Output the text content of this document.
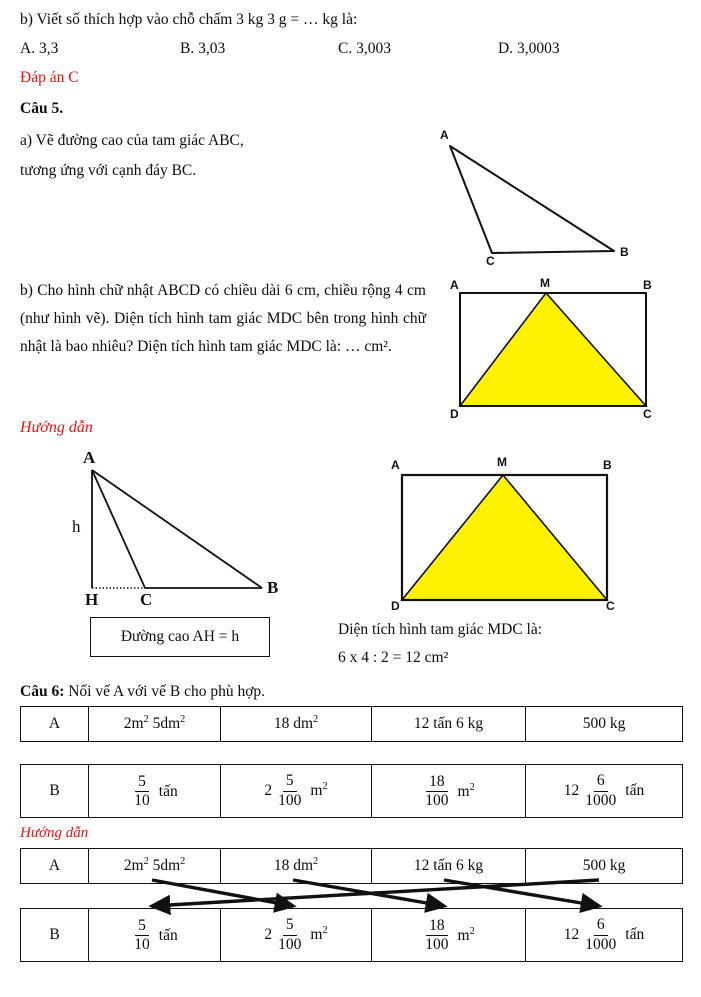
b) Viết số thích hợp vào chỗ chấm 3 kg 3 g = … kg là:
A. 3,3	B. 3,03	C. 3,003	D. 3,0003
Đáp án C
Câu 5.
a) Vẽ đường cao của tam giác ABC,
tương ứng với cạnh đáy BC.
A
C
B
b) Cho hình chữ nhật ABCD có chiều dài 6 cm, chiều rộng 4 cm (như hình vẽ). Diện tích hình tam giác MDC bên trong hình chữ nhật là bao nhiêu? Diện tích hình tam giác MDC là: … cm².
A	M	B
D	C
Hướng dẫn
A
h
H C
B
Đường cao AH = h
A	M	B
D	C
Diện tích hình tam giác MDC là:
6 x 4 : 2 = 12 cm²
Câu 6: Nối vế A với vế B cho phù hợp.
A	$2m^2$ $5dm^2$	18 $dm^2$	12 tấn 6 kg	500 kg
B	$\frac{5}{10}$ tấn	$2 \frac{5}{100} m^2$	$\frac{18}{100} m^2$	$12 \frac{6}{1000}$ tấn
Hướng dẫn
A	$2m^2$ $5dm^2$	18 $dm^2$	12 tấn 6 kg	500 kg
B	$\frac{5}{10}$ tấn	$2 \frac{5}{100} m^2$	$\frac{18}{100} m^2$	$12 \frac{6}{1000}$ tấn
